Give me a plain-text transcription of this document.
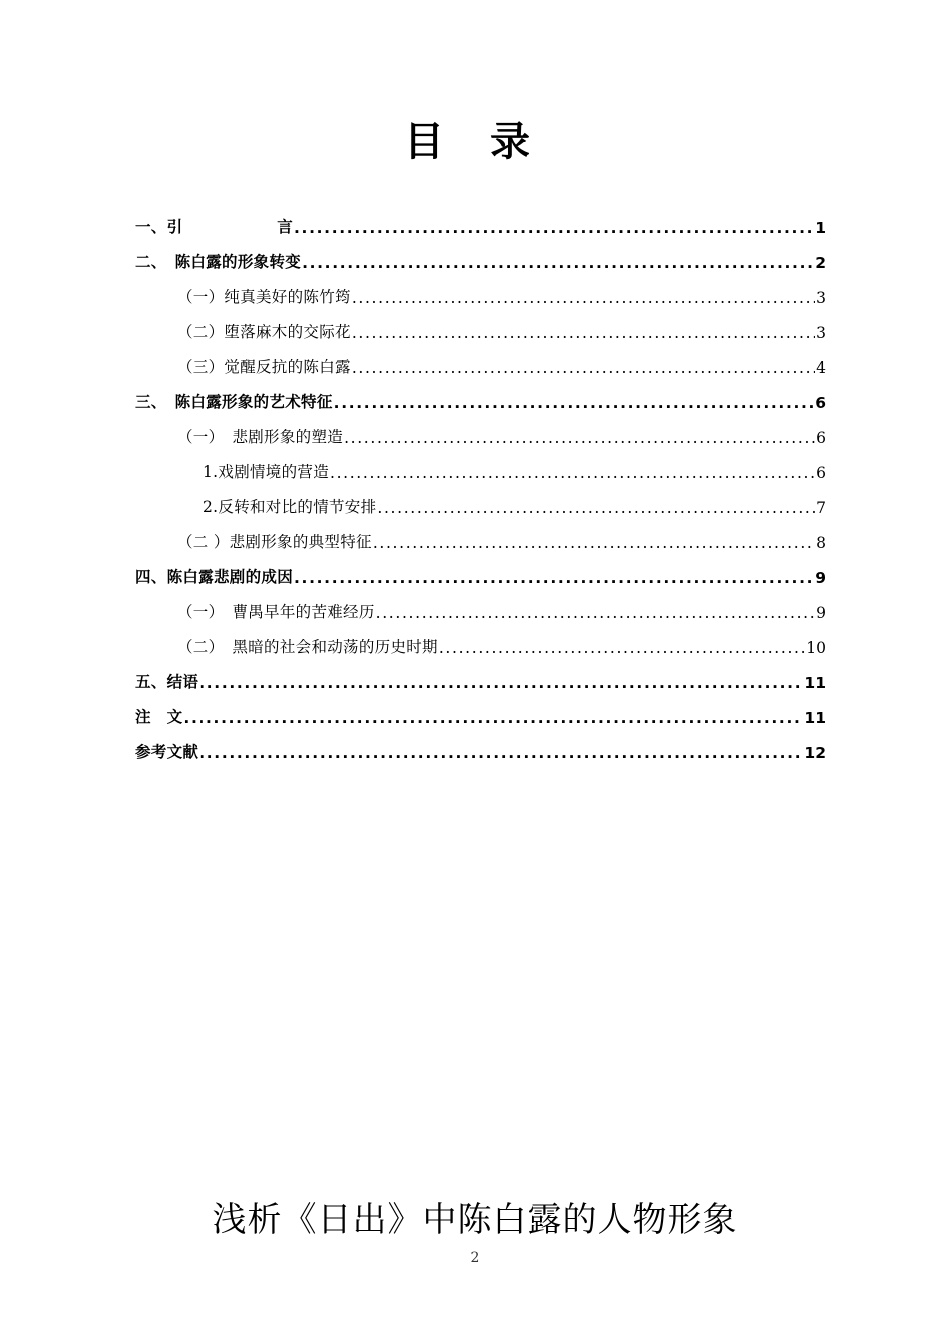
目 录
一、引　　　　　　言 .....	1
二、　陈白露的形象转变 .....	2
（一）纯真美好的陈竹筠 .....	3
（二）堕落麻木的交际花 .....	3
（三）觉醒反抗的陈白露 .....	4
三、　陈白露形象的艺术特征 .....	6
（一）　悲剧形象的塑造 .....	6
1.戏剧情境的营造 .....	6
2.反转和对比的情节安排 .....	7
（二 ）悲剧形象的典型特征 .....	8
四、陈白露悲剧的成因 .....	9
（一）　曹禺早年的苦难经历 .....	9
（二）　黑暗的社会和动荡的历史时期 .....	10
五、结语 .....	11
注　文 .....	11
参考文献 .....	12
浅析《日出》中陈白露的人物形象
2
